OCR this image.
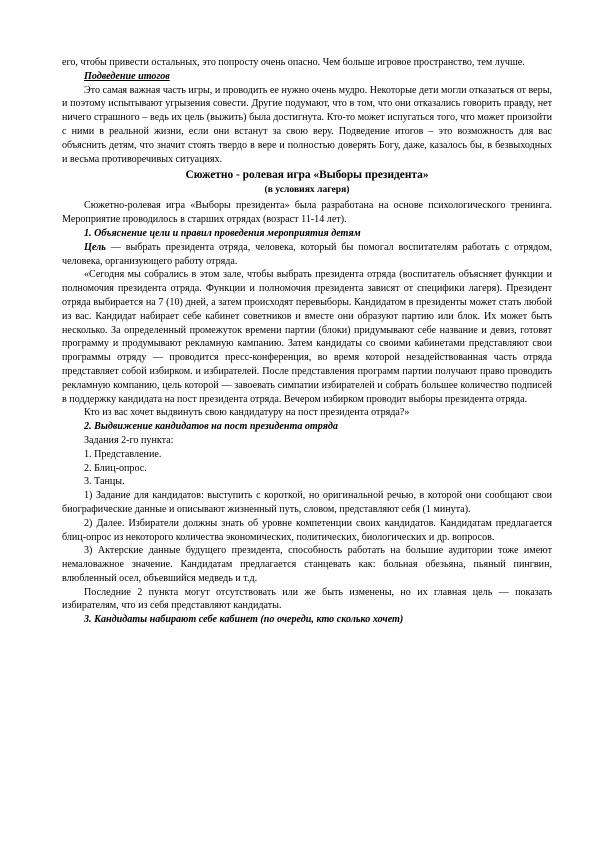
его, чтобы привести остальных, это попросту очень опасно. Чем больше игровое пространство, тем лучше.

Подведение итогов

Это самая важная часть игры, и проводить ее нужно очень мудро. Некоторые дети могли отказаться от веры, и поэтому испытывают угрызения совести. Другие подумают, что в том, что они отказались говорить правду, нет ничего страшного – ведь их цель (выжить) была достигнута. Кто-то может испугаться того, что может произойти с ними в реальной жизни, если они встанут за свою веру. Подведение итогов – это возможность для вас объяснить детям, что значит стоять твердо в вере и полностью доверять Богу, даже, казалось бы, в безвыходных и весьма противоречивых ситуациях.

Сюжетно - ролевая игра «Выборы президента»

(в условиях лагеря)

Сюжетно-ролевая игра «Выборы президента» была разработана на основе психологического тренинга. Мероприятие проводилось в старших отрядах (возраст 11-14 лет).

1. Объяснение цели и правил проведения мероприятия детям

Цель — выбрать президента отряда, человека, который бы помогал воспитателям работать с отрядом, человека, организующего работу отряда.

«Сегодня мы собрались в этом зале, чтобы выбрать президента отряда (воспитатель объясняет функции и полномочия президента отряда. Функции и полномочия президента зависят от специфики лагеря). Президент отряда выбирается на 7 (10) дней, а затем происходят перевыборы. Кандидатом в президенты может стать любой из вас. Кандидат набирает себе кабинет советников и вместе они образуют партию или блок. Их может быть несколько. За определенный промежуток времени партии (блоки) придумывают себе название и девиз, готовят программу и продумывают рекламную кампанию. Затем кандидаты со своими кабинетами представляют свои программы отряду — проводится пресс-конференция, во время которой незадействованная часть отряда представляет собой избирком. и избирателей. После представления программ партии получают право проводить рекламную компанию, цель которой — завоевать симпатии избирателей и собрать большее количество подписей в поддержку кандидата на пост президента отряда. Вечером избирком проводит выборы президента отряда.

Кто из вас хочет выдвинуть свою кандидатуру на пост президента отряда?»

2. Выдвижение кандидатов на пост президента отряда

Задания 2-го пункта:

1. Представление.

2. Блиц-опрос.

3. Танцы.

1) Задание для кандидатов: выступить с короткой, но оригинальной речью, в которой они сообщают свои биографические данные и описывают жизненный путь, словом, представляют себя (1 минута).

2) Далее. Избиратели должны знать об уровне компетенции своих кандидатов. Кандидатам предлагается блиц-опрос из некоторого количества экономических, политических, биологических и др. вопросов.

3) Актерские данные будущего президента, способность работать на большие аудитории тоже имеют немаловажное значение. Кандидатам предлагается станцевать как: больная обезьяна, пьяный пингвин, влюбленный осел, объевшийся медведь и т.д.

Последние 2 пункта могут отсутствовать или же быть изменены, но их главная цель — показать избирателям, что из себя представляют кандидаты.

3. Кандидаты набирают себе кабинет (по очереди, кто сколько хочет)
